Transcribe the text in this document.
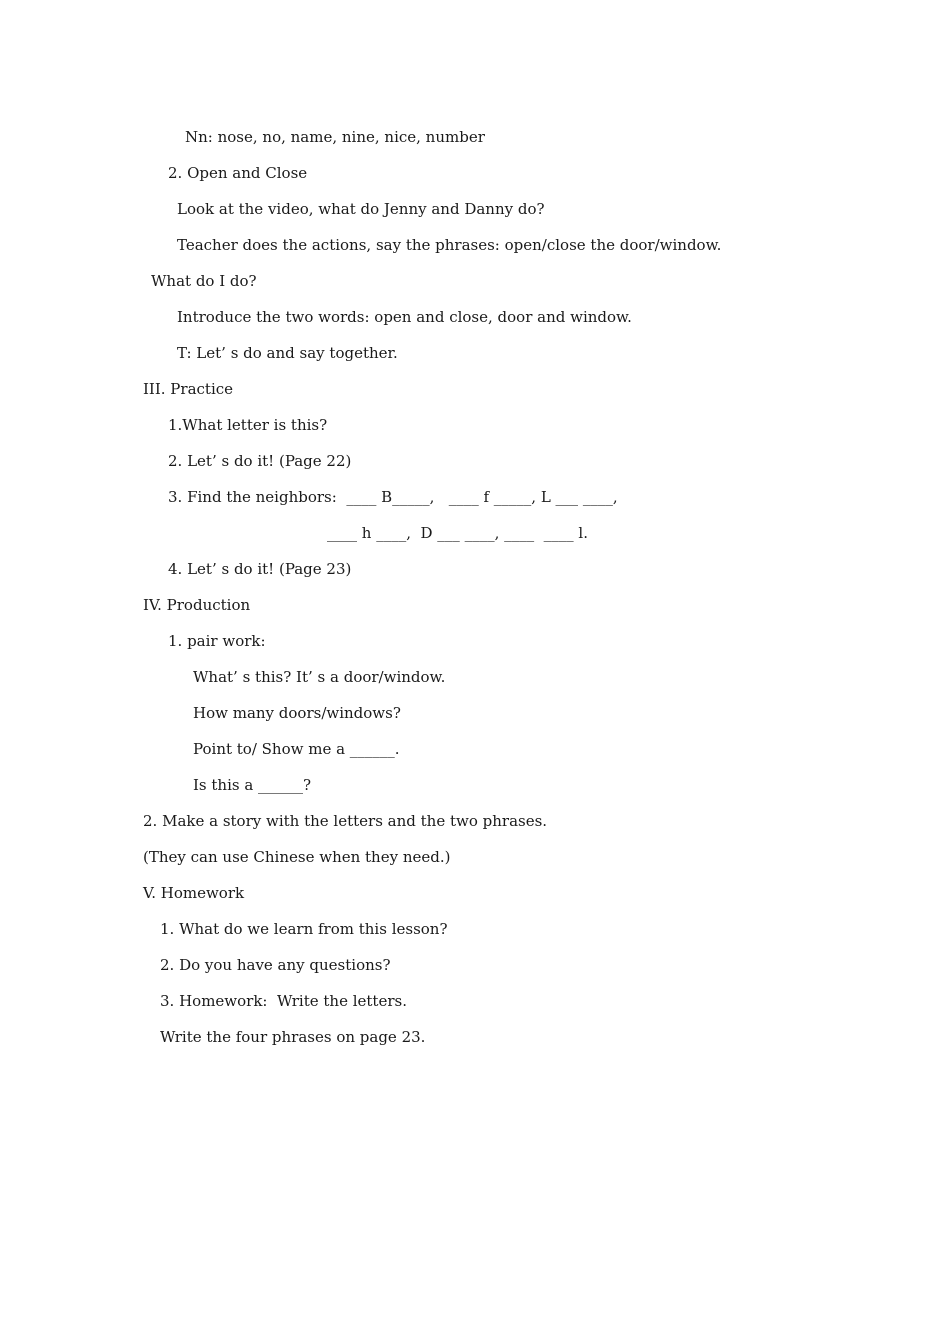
Nn: nose, no, name, nine, nice, number

2. Open and Close

Look at the video, what do Jenny and Danny do?

Teacher does the actions, say the phrases: open/close the door/window.

What do I do?

Introduce the two words: open and close, door and window.

T: Let’ s do and say together.

III. Practice

1.What letter is this?

2. Let’ s do it! (Page 22)

3. Find the neighbors:  ____ B_____,   ____ f _____, L ___ ____,

____ h ____,  D ___ ____, ____  ____ l.

4. Let’ s do it! (Page 23)

IV. Production

1. pair work:

What’ s this? It’ s a door/window.

How many doors/windows?

Point to/ Show me a ______.

Is this a ______?

2. Make a story with the letters and the two phrases.

(They can use Chinese when they need.)

V. Homework

1. What do we learn from this lesson?

2. Do you have any questions?

3. Homework:  Write the letters.

Write the four phrases on page 23.
